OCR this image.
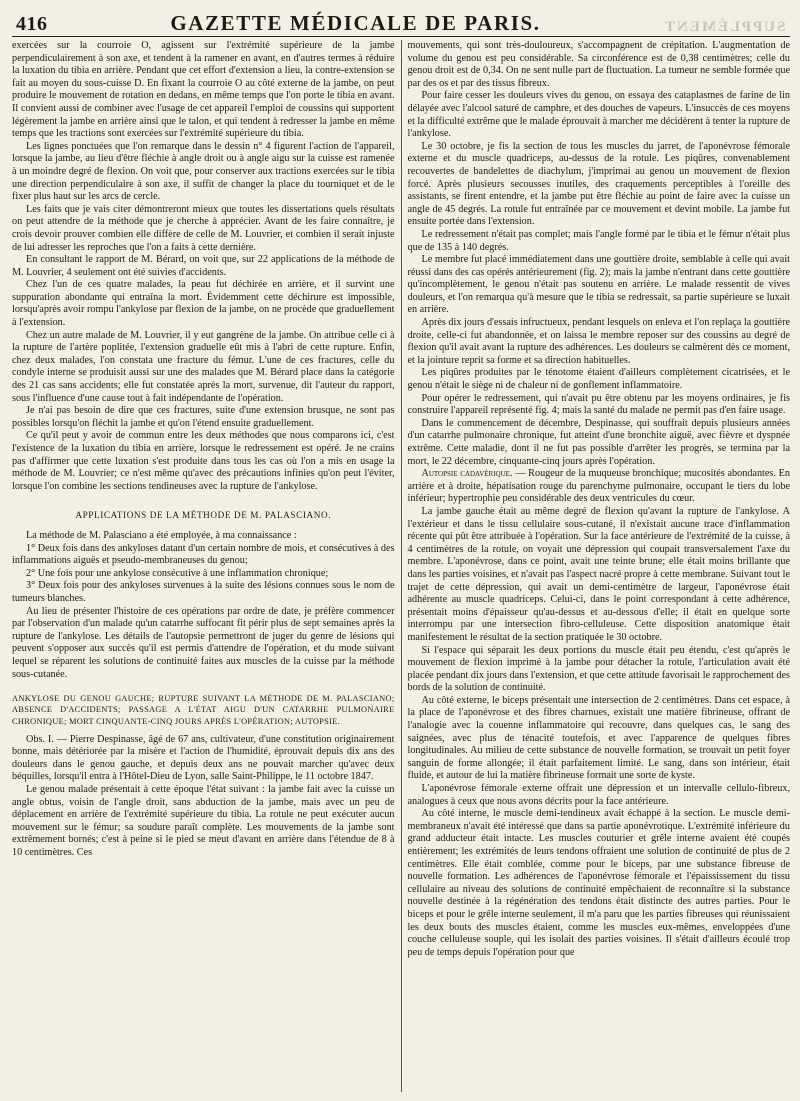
416	GAZETTE MÉDICALE DE PARIS.	SUPPLÉMENT

exercées sur la courroie O, agissent sur l'extrémité supérieure de la jambe perpendiculairement à son axe, et tendent à la ramener en avant, en d'autres termes à réduire la luxation du tibia en arrière. Pendant que cet effort d'extension a lieu, la contre-extension se fait au moyen du sous-cuisse D. En fixant la courroie O au côté externe de la jambe, on peut produire le mouvement de rotation en dedans, en même temps que l'on porte le tibia en avant. Il convient aussi de combiner avec l'usage de cet appareil l'emploi de coussins qui supportent légèrement la jambe en arrière ainsi que le talon, et qui tendent à redresser la jambe en même temps que les tractions sont exercées sur l'extrémité supérieure du tibia.

Les lignes ponctuées que l'on remarque dans le dessin n° 4 figurent l'action de l'appareil, lorsque la jambe, au lieu d'être fléchie à angle droit ou à angle aigu sur la cuisse est ramenée à un moindre degré de flexion. On voit que, pour conserver aux tractions exercées sur le tibia une direction perpendiculaire à son axe, il suffit de changer la place du tourniquet et de le fixer plus haut sur les arcs de cercle.

Les faits que je vais citer démontreront mieux que toutes les dissertations quels résultats on peut attendre de la méthode que je cherche à apprécier. Avant de les faire connaître, je crois devoir prouver combien elle diffère de celle de M. Louvrier, et combien il serait injuste de lui adresser les reproches que l'on a faits à cette dernière.

En consultant le rapport de M. Bérard, on voit que, sur 22 applications de la méthode de M. Louvrier, 4 seulement ont été suivies d'accidents.

Chez l'un de ces quatre malades, la peau fut déchirée en arrière, et il survint une suppuration abondante qui entraîna la mort. Évidemment cette déchirure est impossible, lorsqu'après avoir rompu l'ankylose par flexion de la jambe, on ne procède que graduellement à l'extension.

Chez un autre malade de M. Louvrier, il y eut gangrène de la jambe. On attribue celle ci à la rupture de l'artère poplitée, l'extension graduelle eût mis à l'abri de cette rupture. Enfin, chez deux malades, l'on constata une fracture du fémur. L'une de ces fractures, celle du condyle interne se produisit aussi sur une des malades que M. Bérard place dans la catégorie des 21 cas sans accidents; elle fut constatée après la mort, survenue, dit l'auteur du rapport, sous l'influence d'une cause tout à fait indépendante de l'opération.

Je n'ai pas besoin de dire que ces fractures, suite d'une extension brusque, ne sont pas possibles lorsqu'on fléchit la jambe et qu'on l'étend ensuite graduellement.

Ce qu'il peut y avoir de commun entre les deux méthodes que nous comparons ici, c'est l'existence de la luxation du tibia en arrière, lorsque le redressement est opéré. Je ne crains pas d'affirmer que cette luxation s'est produite dans tous les cas où l'on a mis en usage la méthode de M. Louvrier; ce n'est même qu'avec des précautions infinies qu'on peut l'éviter, lorsque l'on combine les sections tendineuses avec la rupture de l'ankylose.

APPLICATIONS DE LA MÉTHODE DE M. PALASCIANO.

La méthode de M. Palasciano a été employée, à ma connaissance :

1° Deux fois dans des ankyloses datant d'un certain nombre de mois, et consécutives à des inflammations aiguës et pseudo-membraneuses du genou;

2° Une fois pour une ankylose consécutive à une inflammation chronique;

3° Deux fois pour des ankyloses survenues à la suite des lésions connues sous le nom de tumeurs blanches.

Au lieu de présenter l'histoire de ces opérations par ordre de date, je préfère commencer par l'observation d'un malade qu'un catarrhe suffocant fit périr plus de sept semaines après la rupture de l'ankylose. Les détails de l'autopsie permettront de juger du genre de lésions qui peuvent s'opposer aux succès qu'il est permis d'attendre de l'opération, et du mode suivant lequel se réparent les solutions de continuité faites aux muscles de la cuisse par la méthode sous-cutanée.

ANKYLOSE DU GENOU GAUCHE; RUPTURE SUIVANT LA MÉTHODE DE M. PALASCIANO; ABSENCE D'ACCIDENTS; PASSAGE A L'ÉTAT AIGU D'UN CATARRHE PULMONAIRE CHRONIQUE; MORT CINQUANTE-CINQ JOURS APRÈS L'OPÉRATION; AUTOPSIE.

Obs. I. — Pierre Despinasse, âgé de 67 ans, cultivateur, d'une constitution originairement bonne, mais détériorée par la misère et l'action de l'humidité, éprouvait depuis dix ans des douleurs dans le genou gauche, et depuis deux ans ne pouvait marcher qu'avec deux béquilles, lorsqu'il entra à l'Hôtel-Dieu de Lyon, salle Saint-Philippe, le 11 octobre 1847.

Le genou malade présentait à cette époque l'état suivant : la jambe fait avec la cuisse un angle obtus, voisin de l'angle droit, sans abduction de la jambe, mais avec un peu de déplacement en arrière de l'extrémité supérieure du tibia. La rotule ne peut exécuter aucun mouvement sur le fémur; sa soudure paraît complète. Les mouvements de la jambe sont extrêmement bornés; c'est à peine si le pied se meut d'avant en arrière dans l'étendue de 8 à 10 centimètres. Ces

mouvements, qui sont très-douloureux, s'accompagnent de crépitation. L'augmentation de volume du genou est peu considérable. Sa circonférence est de 0,38 centimètres; celle du genou droit est de 0,34. On ne sent nulle part de fluctuation. La tumeur ne semble formée que par des os et par des tissus fibreux.

Pour faire cesser les douleurs vives du genou, on essaya des cataplasmes de farine de lin délayée avec l'alcool saturé de camphre, et des douches de vapeurs. L'insuccès de ces moyens et la difficulté extrême que le malade éprouvait à marcher me décidèrent à tenter la rupture de l'ankylose.

Le 30 octobre, je fis la section de tous les muscles du jarret, de l'aponévrose fémorale externe et du muscle quadriceps, au-dessus de la rotule. Les piqûres, convenablement recouvertes de bandelettes de diachylum, j'imprimai au genou un mouvement de flexion forcé. Après plusieurs secousses inutiles, des craquements perceptibles à l'oreille des assistants, se firent entendre, et la jambe put être fléchie au point de faire avec la cuisse un angle de 45 degrés. La rotule fut entraînée par ce mouvement et devint mobile. La jambe fut ensuite portée dans l'extension.

Le redressement n'était pas complet; mais l'angle formé par le tibia et le fémur n'était plus que de 135 à 140 degrés.

Le membre fut placé immédiatement dans une gouttière droite, semblable à celle qui avait réussi dans des cas opérés antérieurement (fig. 2); mais la jambe n'entrant dans cette gouttière qu'incomplètement, le genou n'était pas soutenu en arrière. Le malade ressentit de vives douleurs, et l'on remarqua qu'à mesure que le tibia se redressait, sa partie supérieure se luxait en arrière.

Après dix jours d'essais infructueux, pendant lesquels on enleva et l'on replaça la gouttière droite, celle-ci fut abandonnée, et on laissa le membre reposer sur des coussins au degré de flexion qu'il avait avant la rupture des adhérences. Les douleurs se calmèrent dès ce moment, et la jointure reprit sa forme et sa direction habituelles.

Les piqûres produites par le ténotome étaient d'ailleurs complètement cicatrisées, et le genou n'était le siège ni de chaleur ni de gonflement inflammatoire.

Pour opérer le redressement, qui n'avait pu être obtenu par les moyens ordinaires, je fis construire l'appareil représenté fig. 4; mais la santé du malade ne permit pas d'en faire usage.

Dans le commencement de décembre, Despinasse, qui souffrait depuis plusieurs années d'un catarrhe pulmonaire chronique, fut atteint d'une bronchite aiguë, avec fièvre et dyspnée extrême. Cette maladie, dont il ne fut pas possible d'arrêter les progrès, se termina par la mort, le 22 décembre, cinquante-cinq jours après l'opération.

Autopsie cadavérique. — Rougeur de la muqueuse bronchique; mucosités abondantes. En arrière et à droite, hépatisation rouge du parenchyme pulmonaire, occupant le tiers du lobe inférieur; hypertrophie peu considérable des deux ventricules du cœur.

La jambe gauche était au même degré de flexion qu'avant la rupture de l'ankylose. A l'extérieur et dans le tissu cellulaire sous-cutané, il n'existait aucune trace d'inflammation récente qui pût être attribuée à l'opération. Sur la face antérieure de l'extrémité de la cuisse, à 4 centimètres de la rotule, on voyait une dépression qui coupait transversalement l'axe du membre. L'aponévrose, dans ce point, avait une teinte brune; elle était moins brillante que dans les parties voisines, et n'avait pas l'aspect nacré propre à cette membrane. Suivant tout le trajet de cette dépression, qui avait un demi-centimètre de largeur, l'aponévrose était adhérente au muscle quadriceps. Celui-ci, dans le point correspondant à cette adhérence, présentait moins d'épaisseur qu'au-dessus et au-dessous d'elle; il était en quelque sorte interrompu par une intersection fibro-celluleuse. Cette disposition anatomique était manifestement le résultat de la section pratiquée le 30 octobre.

Si l'espace qui séparait les deux portions du muscle était peu étendu, c'est qu'après le mouvement de flexion imprimé à la jambe pour détacher la rotule, l'articulation avait été placée pendant dix jours dans l'extension, et que cette attitude favorisait le rapprochement des bords de la solution de continuité.

Au côté externe, le biceps présentait une intersection de 2 centimètres. Dans cet espace, à la place de l'aponévrose et des fibres charnues, existait une matière fibrineuse, offrant de l'analogie avec la couenne inflammatoire qui recouvre, dans quelques cas, le sang des saignées, avec plus de ténacité toutefois, et avec l'apparence de quelques fibres longitudinales. Au milieu de cette substance de nouvelle formation, se trouvait un petit foyer sanguin de forme allongée; il était parfaitement limité. Le sang, dans son intérieur, était fluide, et autour de lui la matière fibrineuse formait une sorte de kyste.

L'aponévrose fémorale externe offrait une dépression et un intervalle cellulo-fibreux, analogues à ceux que nous avons décrits pour la face antérieure.

Au côté interne, le muscle demi-tendineux avait échappé à la section. Le muscle demi-membraneux n'avait été intéressé que dans sa partie aponévrotique. L'extrémité inférieure du grand adducteur était intacte. Les muscles couturier et grêle interne avaient été coupés entièrement; les extrémités de leurs tendons offraient une solution de continuité de plus de 2 centimètres. Elle était comblée, comme pour le biceps, par une substance fibreuse de nouvelle formation. Les adhérences de l'aponévrose fémorale et l'épaississement du tissu cellulaire au niveau des solutions de continuité empêchaient de reconnaître si la substance nouvelle destinée à la régénération des tendons était distincte des autres parties. Pour le biceps et pour le grêle interne seulement, il m'a paru que les parties fibreuses qui réunissaient les deux bouts des muscles étaient, comme les muscles eux-mêmes, enveloppées d'une couche celluleuse souple, qui les isolait des parties voisines. Il s'était d'ailleurs écoulé trop peu de temps depuis l'opération pour que
